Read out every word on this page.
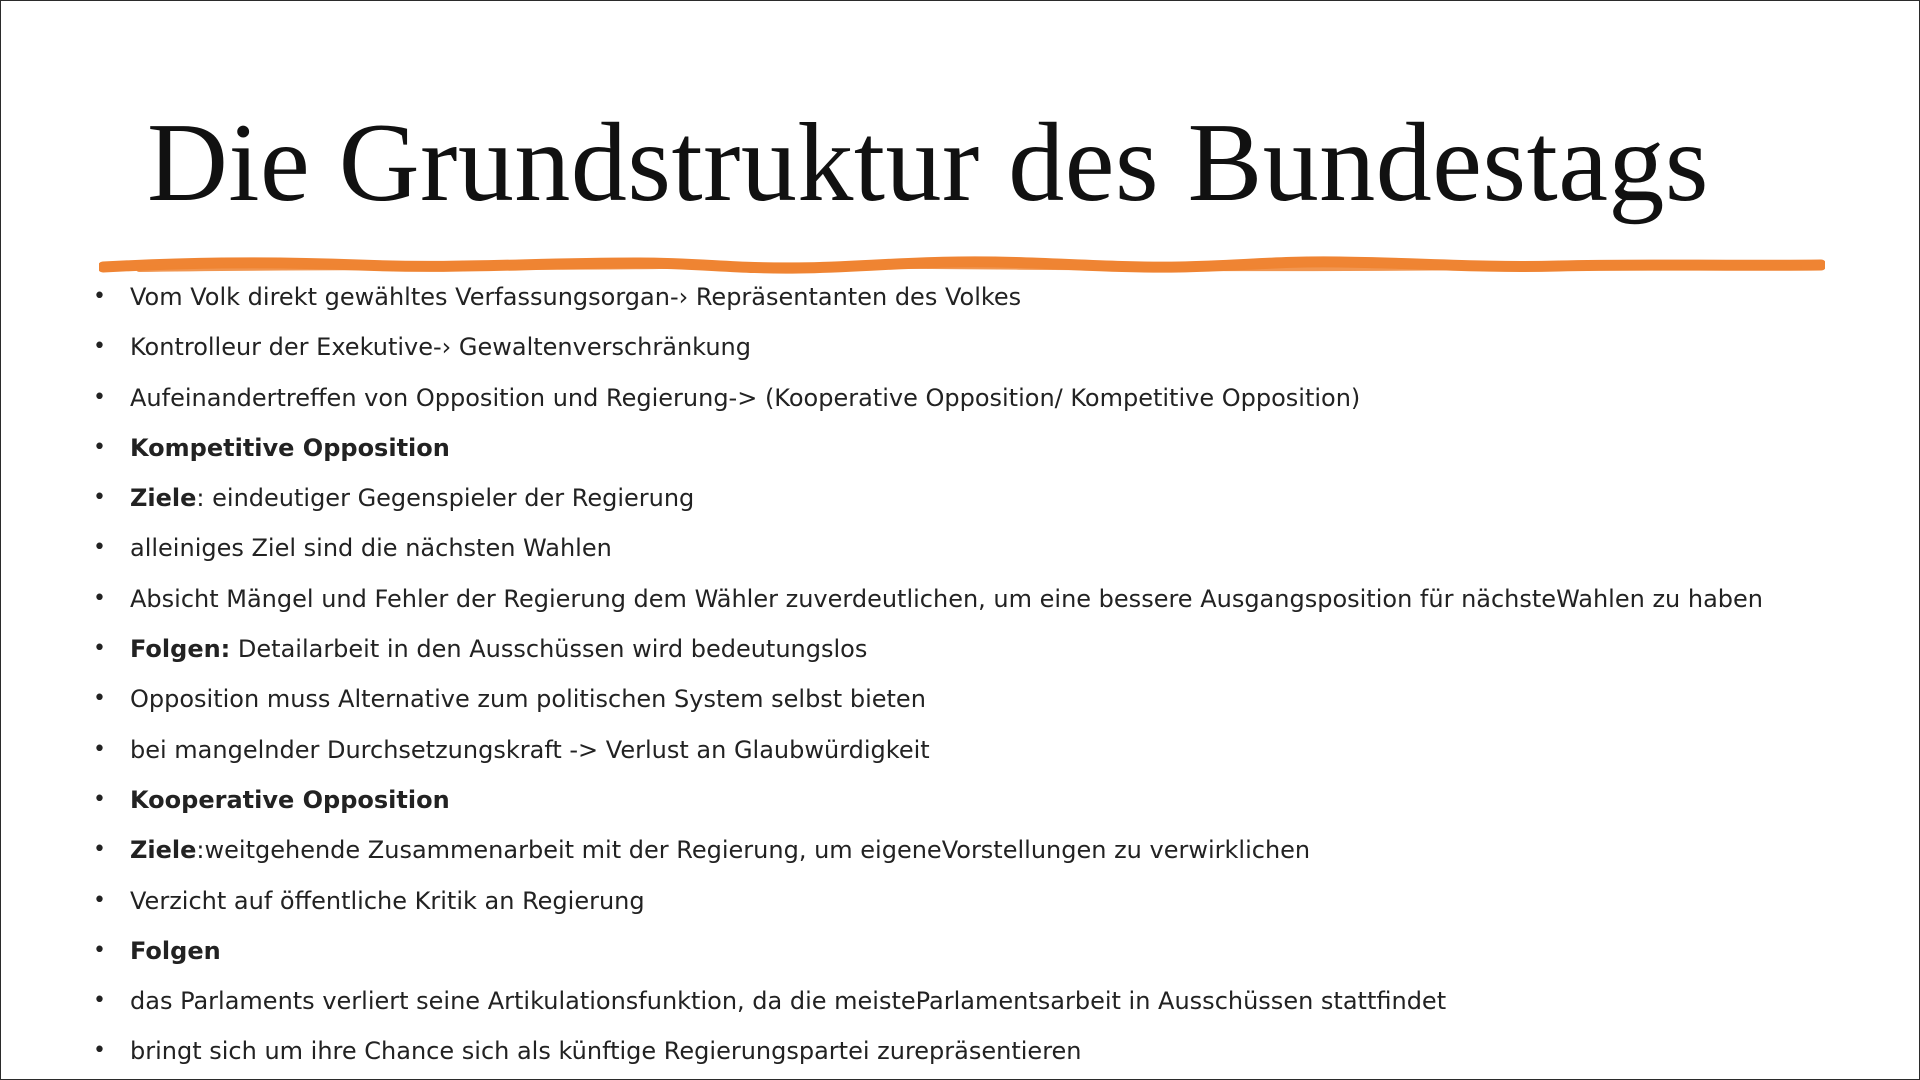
Die Grundstruktur des Bundestags
• Vom Volk direkt gewähltes Verfassungsorgan-› Repräsentanten des Volkes
• Kontrolleur der Exekutive-› Gewaltenverschränkung
• Aufeinandertreffen von Opposition und Regierung-> (Kooperative Opposition/ Kompetitive Opposition)
• Kompetitive Opposition
• Ziele: eindeutiger Gegenspieler der Regierung
• alleiniges Ziel sind die nächsten Wahlen
• Absicht Mängel und Fehler der Regierung dem Wähler zuverdeutlichen, um eine bessere Ausgangsposition für nächsteWahlen zu haben
• Folgen: Detailarbeit in den Ausschüssen wird bedeutungslos
• Opposition muss Alternative zum politischen System selbst bieten
• bei mangelnder Durchsetzungskraft -> Verlust an Glaubwürdigkeit
• Kooperative Opposition
• Ziele:weitgehende Zusammenarbeit mit der Regierung, um eigeneVorstellungen zu verwirklichen
• Verzicht auf öffentliche Kritik an Regierung
• Folgen
• das Parlaments verliert seine Artikulationsfunktion, da die meisteParlamentsarbeit in Ausschüssen stattfindet
• bringt sich um ihre Chance sich als künftige Regierungspartei zurepräsentieren
